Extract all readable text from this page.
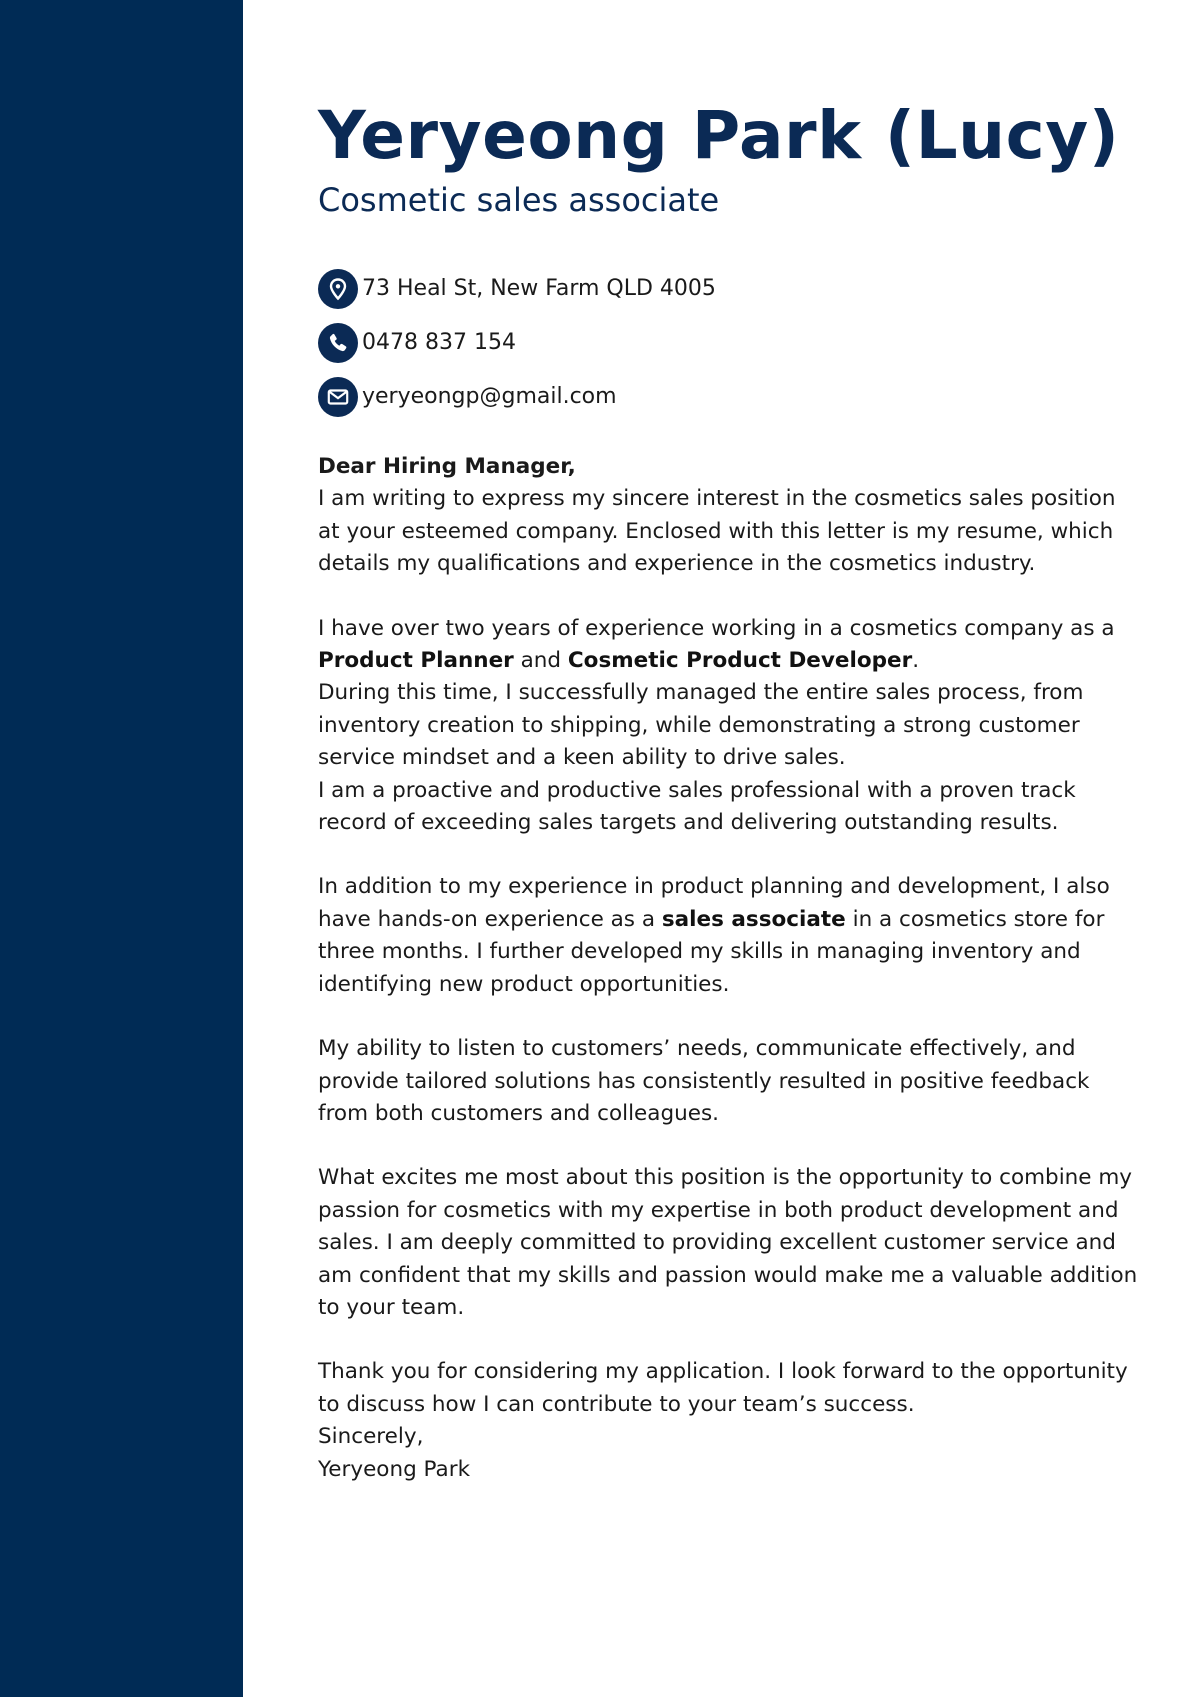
Yeryeong Park (Lucy)
Cosmetic sales associate
73 Heal St, New Farm QLD 4005
0478 837 154
yeryeongp@gmail.com

Dear Hiring Manager,

I am writing to express my sincere interest in the cosmetics sales position at your esteemed company. Enclosed with this letter is my resume, which details my qualifications and experience in the cosmetics industry.

I have over two years of experience working in a cosmetics company as a Product Planner and Cosmetic Product Developer.

During this time, I successfully managed the entire sales process, from inventory creation to shipping, while demonstrating a strong customer service mindset and a keen ability to drive sales.

I am a proactive and productive sales professional with a proven track record of exceeding sales targets and delivering outstanding results.

In addition to my experience in product planning and development, I also have hands-on experience as a sales associate in a cosmetics store for three months. I further developed my skills in managing inventory and identifying new product opportunities.

My ability to listen to customers’ needs, communicate effectively, and provide tailored solutions has consistently resulted in positive feedback from both customers and colleagues.

What excites me most about this position is the opportunity to combine my passion for cosmetics with my expertise in both product development and sales. I am deeply committed to providing excellent customer service and am confident that my skills and passion would make me a valuable addition to your team.

Thank you for considering my application. I look forward to the opportunity to discuss how I can contribute to your team’s success.

Sincerely,

Yeryeong Park
